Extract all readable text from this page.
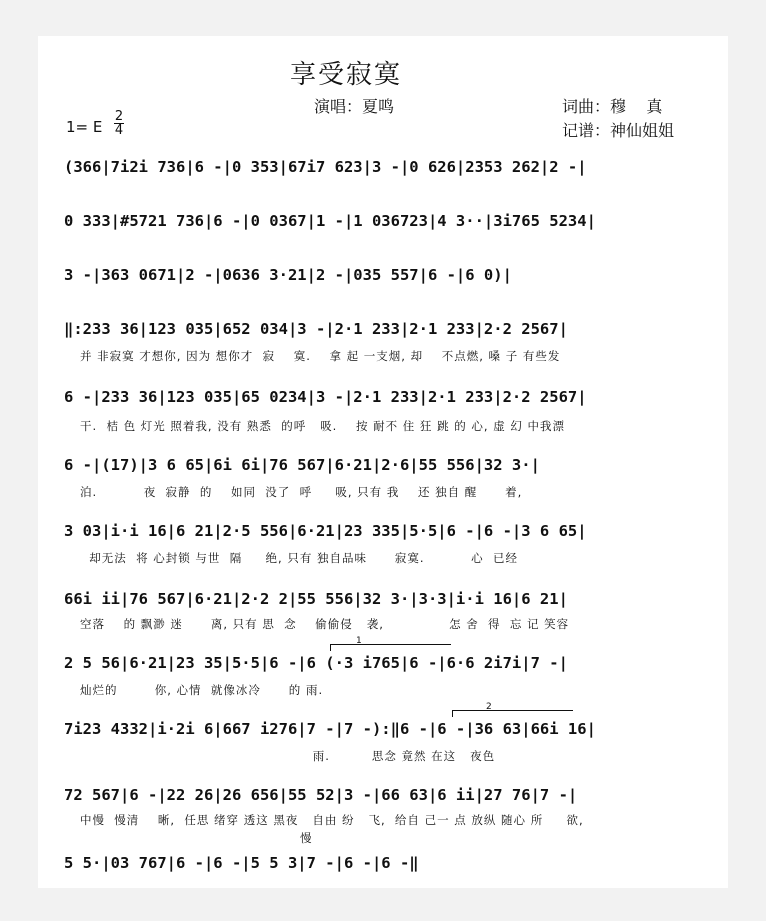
享受寂寞
演唱：夏鸣	词曲：穆    真
记谱：神仙姐姐
1= E
2
4
(366|7i2i 736|6 -|0 353|67i7 623|3 -|0 626|2353 262|2 -|
0 333|#5721 736|6 -|0 0367|1 -|1 036723|4 3··|3i765 5234|
3 -|363 0671|2 -|0636 3·21|2 -|035 557|6 -|6 0)|
‖:233 36|123 035|652 034|3 -|2·1 233|2·1 233|2·2 2567|
并 非寂寞 才想你, 因为 想你才  寂    寞.    拿 起 一支烟, 却    不点燃, 嗓 子 有些发
6 -|233 36|123 035|65 0234|3 -|2·1 233|2·1 233|2·2 2567|
干.  桔 色 灯光 照着我, 没有 熟悉  的呼   吸.    按 耐不 住 狂 跳 的 心, 虚 幻 中我漂
6 -|(17)|3 6 65|6i 6i|76 567|6·21|2·6|55 556|32 3·|
泊.          夜  寂静  的    如同  没了  呼     吸, 只有 我    还 独自 醒      着,
3 03|i·i 16|6 21|2·5 556|6·21|23 335|5·5|6 -|6 -|3 6 65|
却无法  将 心封锁 与世  隔     绝, 只有 独自品味      寂寞.          心  已经
66i ii|76 567|6·21|2·2 2|55 556|32 3·|3·3|i·i 16|6 21|
空落    的 飘渺 迷      离, 只有 思  念    偷偷侵   袭,              怎 舍  得  忘 记 笑容
1
2 5 56|6·21|23 35|5·5|6 -|6 (·3 i765|6 -|6·6 2i7i|7 -|
灿烂的        你, 心情  就像冰冷      的 雨.
2
7i23 4332|i·2i 6|667 i276|7 -|7 -):‖6 -|6 -|36 63|66i 16|
雨.         思念 竟然 在这   夜色
72 567|6 -|22 26|26 656|55 52|3 -|66 63|6 ii|27 76|7 -|
中慢  慢清    晰,  任思 绪穿 透这 黑夜   自由 纷   飞,  给自 己一 点 放纵 随心 所     欲,
慢
5 5·|03 767|6 -|6 -|5 5 3|7 -|6 -|6 -‖
